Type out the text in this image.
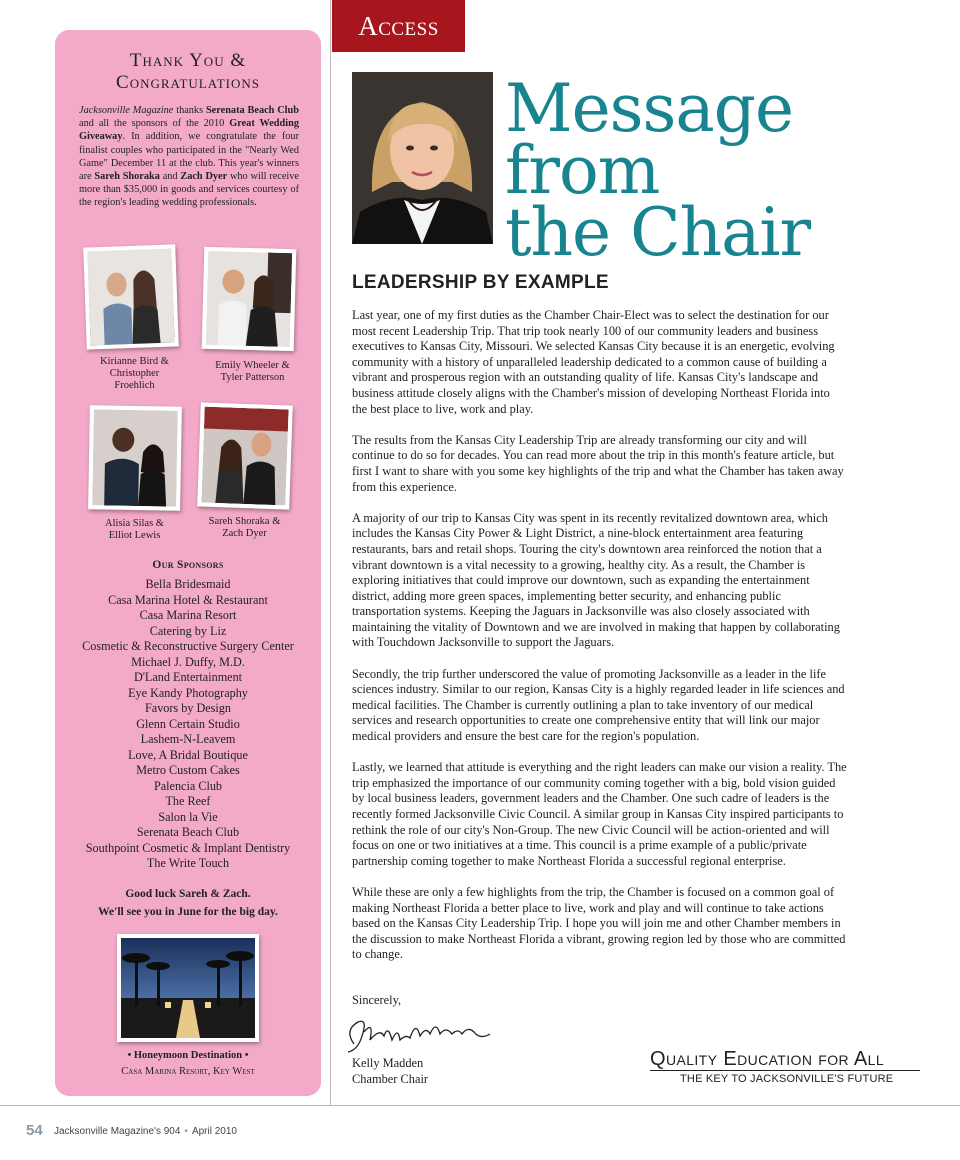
Thank You &
Congratulations
Jacksonville Magazine thanks Serenata Beach Club and all the sponsors of the 2010 Great Wedding Giveaway. In addition, we congratulate the four finalist couples who participated in the "Nearly Wed Game" December 11 at the club. This year's winners are Sareh Shoraka and Zach Dyer who will receive more than $35,000 in goods and services courtesy of the region's leading wedding professionals.
Kirianne Bird &
Christopher
Froehlich
Emily Wheeler &
Tyler Patterson
Alisia Silas &
Elliot Lewis
Sareh Shoraka &
Zach Dyer
Our Sponsors
Bella Bridesmaid
Casa Marina Hotel & Restaurant
Casa Marina Resort
Catering by Liz
Cosmetic & Reconstructive Surgery Center
Michael J. Duffy, M.D.
D'Land Entertainment
Eye Kandy Photography
Favors by Design
Glenn Certain Studio
Lashem-N-Leavem
Love, A Bridal Boutique
Metro Custom Cakes
Palencia Club
The Reef
Salon la Vie
Serenata Beach Club
Southpoint Cosmetic & Implant Dentistry
The Write Touch
Good luck Sareh & Zach.
We'll see you in June for the big day.
• Honeymoon Destination •
Casa Marina Resort, Key West
Access
Message from
the Chair
LEADERSHIP BY EXAMPLE

Last year, one of my first duties as the Chamber Chair-Elect was to select the destination for our most recent Leadership Trip. That trip took nearly 100 of our community leaders and business executives to Kansas City, Missouri. We selected Kansas City because it is an energetic, evolving community with a history of unparalleled leadership dedicated to a common cause of building a vibrant and prosperous region with an outstanding quality of life. Kansas City's landscape and business attitude closely aligns with the Chamber's mission of developing Northeast Florida into the best place to live, work and play.

The results from the Kansas City Leadership Trip are already transforming our city and will continue to do so for decades. You can read more about the trip in this month's feature article, but first I want to share with you some key highlights of the trip and what the Chamber has taken away from this experience.

A majority of our trip to Kansas City was spent in its recently revitalized downtown area, which includes the Kansas City Power & Light District, a nine-block entertainment area featuring restaurants, bars and retail shops. Touring the city's downtown area reinforced the notion that a vibrant downtown is a vital necessity to a growing, healthy city. As a result, the Chamber is exploring initiatives that could improve our downtown, such as expanding the entertainment district, adding more green spaces, implementing better security, and enhancing public transportation systems. Keeping the Jaguars in Jacksonville was also closely associated with maintaining the vitality of Downtown and we are involved in making that happen by collaborating with Touchdown Jacksonville to support the Jaguars.

Secondly, the trip further underscored the value of promoting Jacksonville as a leader in the life sciences industry. Similar to our region, Kansas City is a highly regarded leader in life sciences and medical facilities. The Chamber is currently outlining a plan to take inventory of our medical services and research opportunities to create one comprehensive entity that will link our major medical providers and ensure the best care for the region's population.

Lastly, we learned that attitude is everything and the right leaders can make our vision a reality. The trip emphasized the importance of our community coming together with a big, bold vision guided by local business leaders, government leaders and the Chamber. One such cadre of leaders is the recently formed Jacksonville Civic Council. A similar group in Kansas City inspired participants to rethink the role of our city's Non-Group. The new Civic Council will be action-oriented and will focus on one or two initiatives at a time. This council is a prime example of a public/private partnership coming together to make Northeast Florida a successful regional enterprise.

While these are only a few highlights from the trip, the Chamber is focused on a common goal of making Northeast Florida a better place to live, work and play and will continue to take actions based on the Kansas City Leadership Trip. I hope you will join me and other Chamber members in the discussion to make Northeast Florida a vibrant, growing region led by those who are committed to change.

Sincerely,
Kelly Madden
Chamber Chair
Quality Education for All
THE KEY TO JACKSONVILLE'S FUTURE
54 Jacksonville Magazine's 904 • April 2010
